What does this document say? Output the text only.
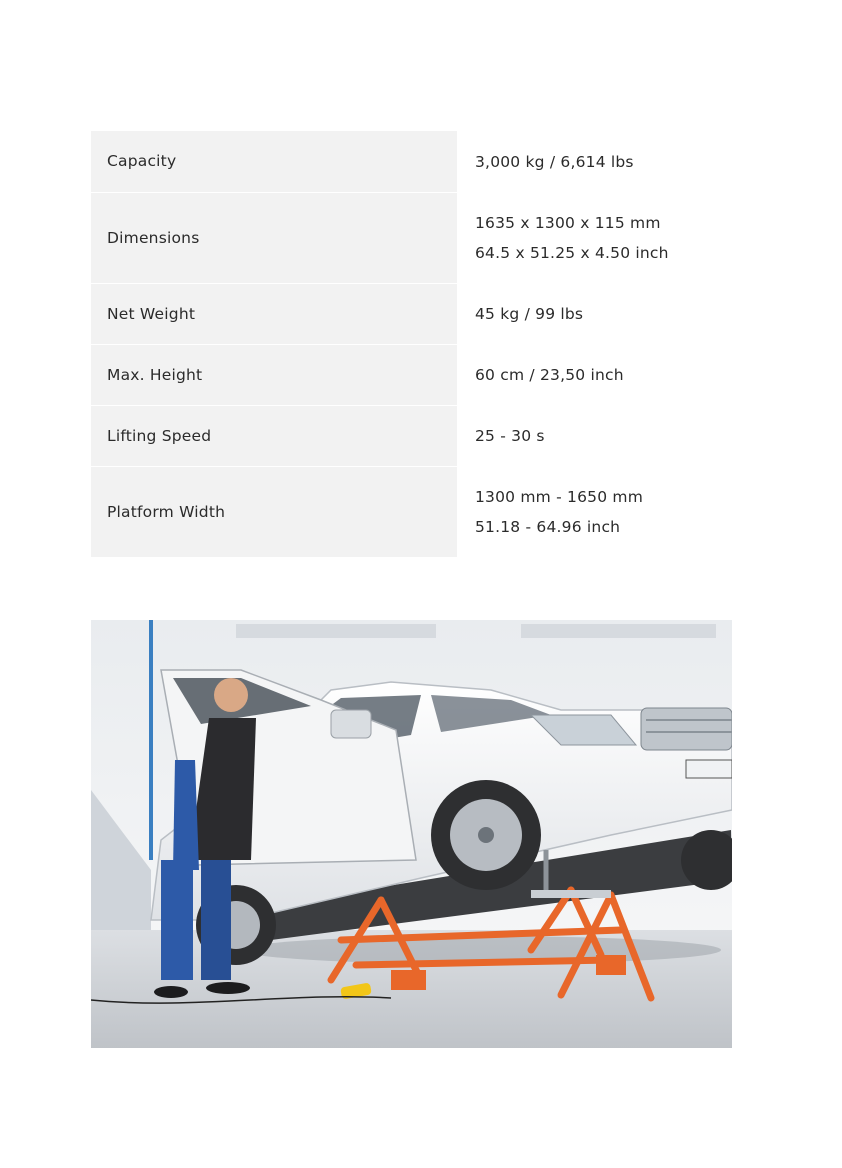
Capacity	3,000 kg / 6,614 lbs

Dimensions	1635 x 1300 x 115 mm
64.5 x 51.25 x 4.50 inch

Net Weight	45 kg / 99 lbs

Max. Height	60 cm / 23,50 inch

Lifting Speed	25 - 30 s

Platform Width	1300 mm - 1650 mm
51.18 - 64.96 inch
